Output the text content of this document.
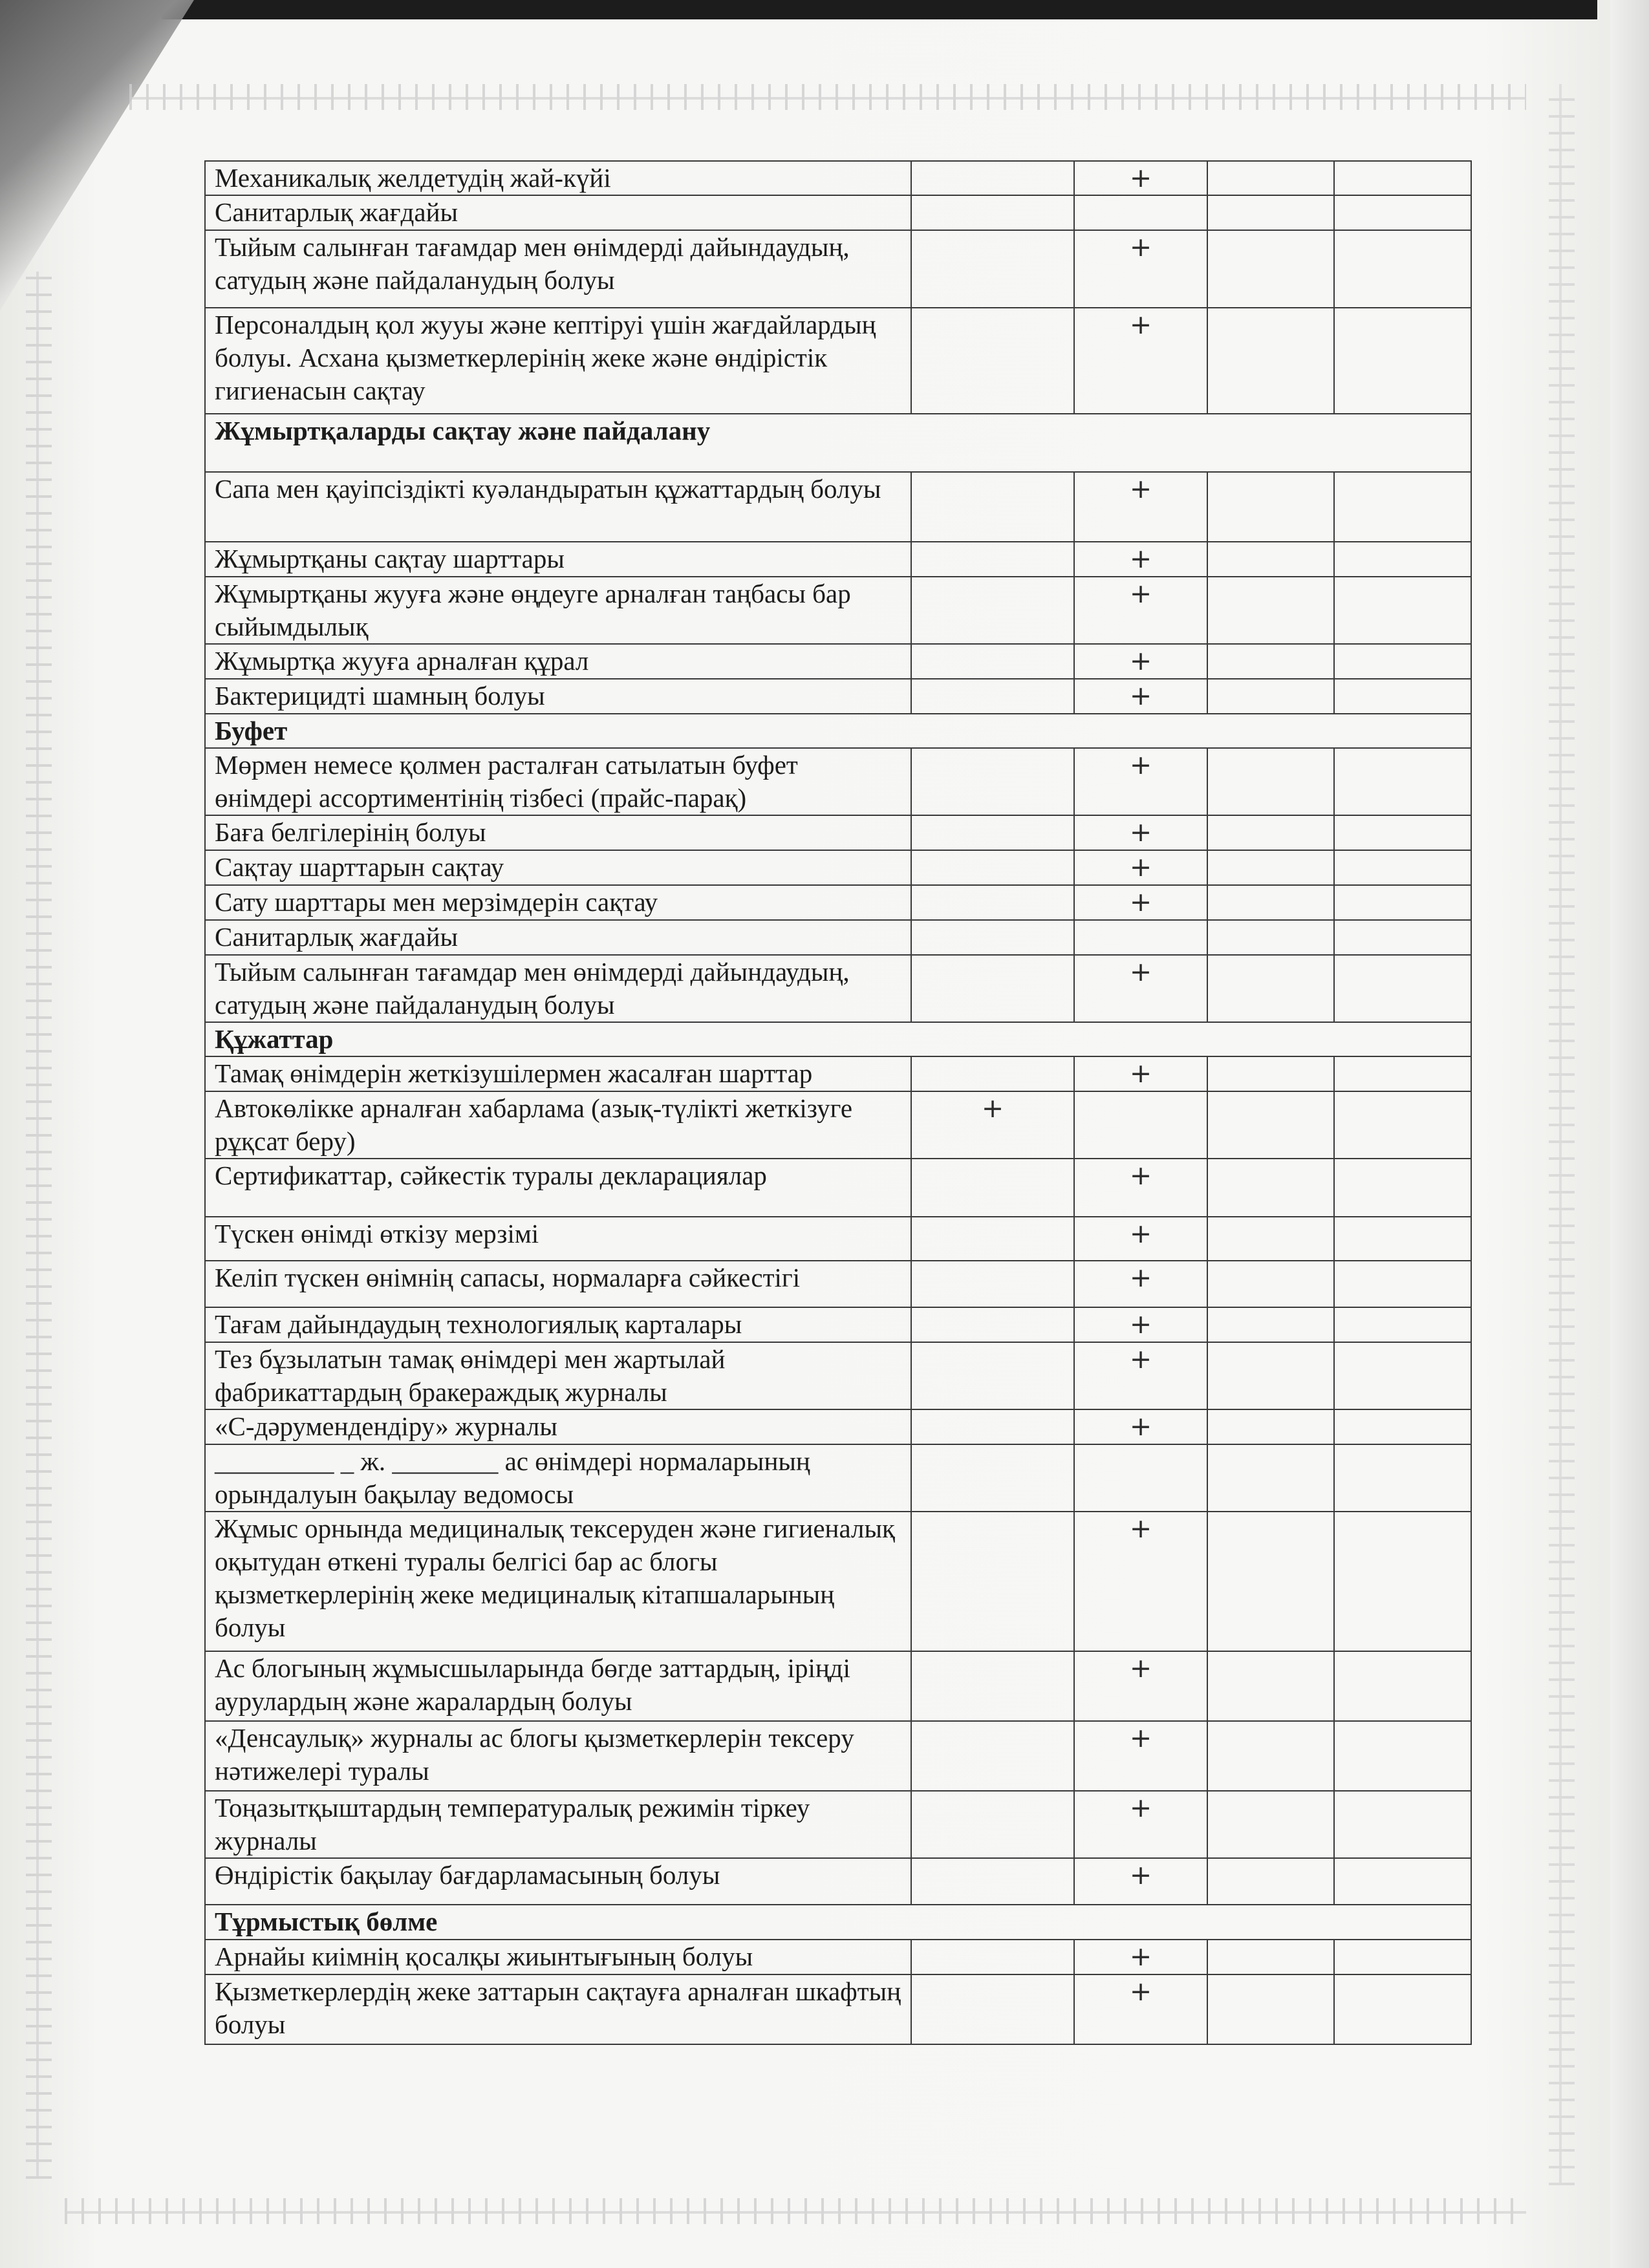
Механикалық желдетудің жай-күйі		+		
Санитарлық жағдайы				
Тыйым салынған тағамдар мен өнімдерді дайындаудың, сатудың және пайдаланудың болуы		+		
Персоналдың қол жууы және кептіруі үшін жағдайлардың болуы. Асхана қызметкерлерінің жеке және өндірістік гигиенасын сақтау		+		
Жұмыртқаларды сақтау және пайдалану				
Сапа мен қауіпсіздікті куәландыратын құжаттардың болуы		+		
Жұмыртқаны сақтау шарттары		+		
Жұмыртқаны жууға және өңдеуге арналған таңбасы бар сыйымдылық		+		
Жұмыртқа жууға арналған құрал		+		
Бактерицидті шамның болуы		+		
Буфет				
Мөрмен немесе қолмен расталған сатылатын буфет өнімдері ассортиментінің тізбесі (прайс-парақ)		+		
Баға белгілерінің болуы		+		
Сақтау шарттарын сақтау		+		
Сату шарттары мен мерзімдерін сақтау		+		
Санитарлық жағдайы				
Тыйым салынған тағамдар мен өнімдерді дайындаудың, сатудың және пайдаланудың болуы		+		
Құжаттар				
Тамақ өнімдерін жеткізушілермен жасалған шарттар		+		
Автокөлікке арналған хабарлама (азық-түлікті жеткізуге рұқсат беру)	+			
Сертификаттар, сәйкестік туралы декларациялар		+		
Түскен өнімді өткізу мерзімі		+		
Келіп түскен өнімнің сапасы, нормаларға сәйкестігі		+		
Тағам дайындаудың технологиялық карталары		+		
Тез бұзылатын тамақ өнімдері мен жартылай фабрикаттардың бракераждық журналы		+		
«С-дәрумендендіру» журналы		+		
_________ _ ж. ________ ас өнімдері нормаларының орындалуын бақылау ведомосы				
Жұмыс орнында медициналық тексеруден және гигиеналық оқытудан өткені туралы белгісі бар ас блогы қызметкерлерінің жеке медициналық кітапшаларының болуы		+		
Ас блогының жұмысшыларында бөгде заттардың, іріңді аурулардың және жаралардың болуы		+		
«Денсаулық» журналы ас блогы қызметкерлерін тексеру нәтижелері туралы		+		
Тоңазытқыштардың температуралық режимін тіркеу журналы		+		
Өндірістік бақылау бағдарламасының болуы		+		
Тұрмыстық бөлме				
Арнайы киімнің қосалқы жиынтығының болуы		+		
Қызметкерлердің жеке заттарын сақтауға арналған шкафтың болуы		+		
